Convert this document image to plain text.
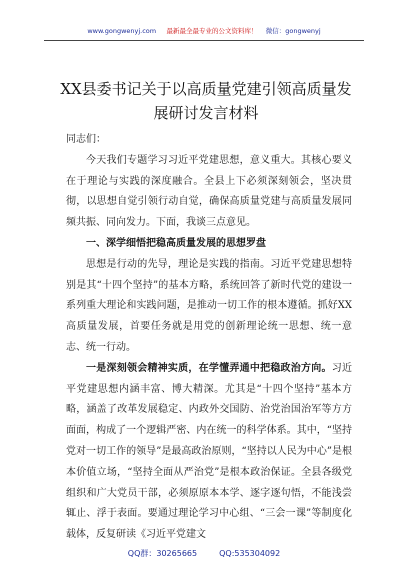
www.gongwenyj.com 最新最全最专业的公文资料库！ 微信：gongwenyj
XX县委书记关于以高质量党建引领高质量发展研讨发言材料

同志们：

今天我们专题学习习近平党建思想，意义重大。其核心要义在于理论与实践的深度融合。全县上下必须深刻领会，坚决贯彻，以思想自觉引领行动自觉，确保高质量党建与高质量发展同频共振、同向发力。下面，我谈三点意见。

一、深学细悟把稳高质量发展的思想罗盘

思想是行动的先导，理论是实践的指南。习近平党建思想特别是其“十四个坚持”的基本方略，系统回答了新时代党的建设一系列重大理论和实践问题，是推动一切工作的根本遵循。抓好XX高质量发展，首要任务就是用党的创新理论统一思想、统一意志、统一行动。

一是深刻领会精神实质，在学懂弄通中把稳政治方向。习近平党建思想内涵丰富、博大精深。尤其是“十四个坚持”基本方略，涵盖了改革发展稳定、内政外交国防、治党治国治军等方方面面，构成了一个逻辑严密、内在统一的科学体系。其中，“坚持党对一切工作的领导”是最高政治原则，“坚持以人民为中心”是根本价值立场，“坚持全面从严治党”是根本政治保证。全县各级党组织和广大党员干部，必须原原本本学、逐字逐句悟，不能浅尝辄止、浮于表面。要通过理论学习中心组、“三会一课”等制度化载体，反复研读《习近平党建文

QQ群：30265665	QQ:535304092
